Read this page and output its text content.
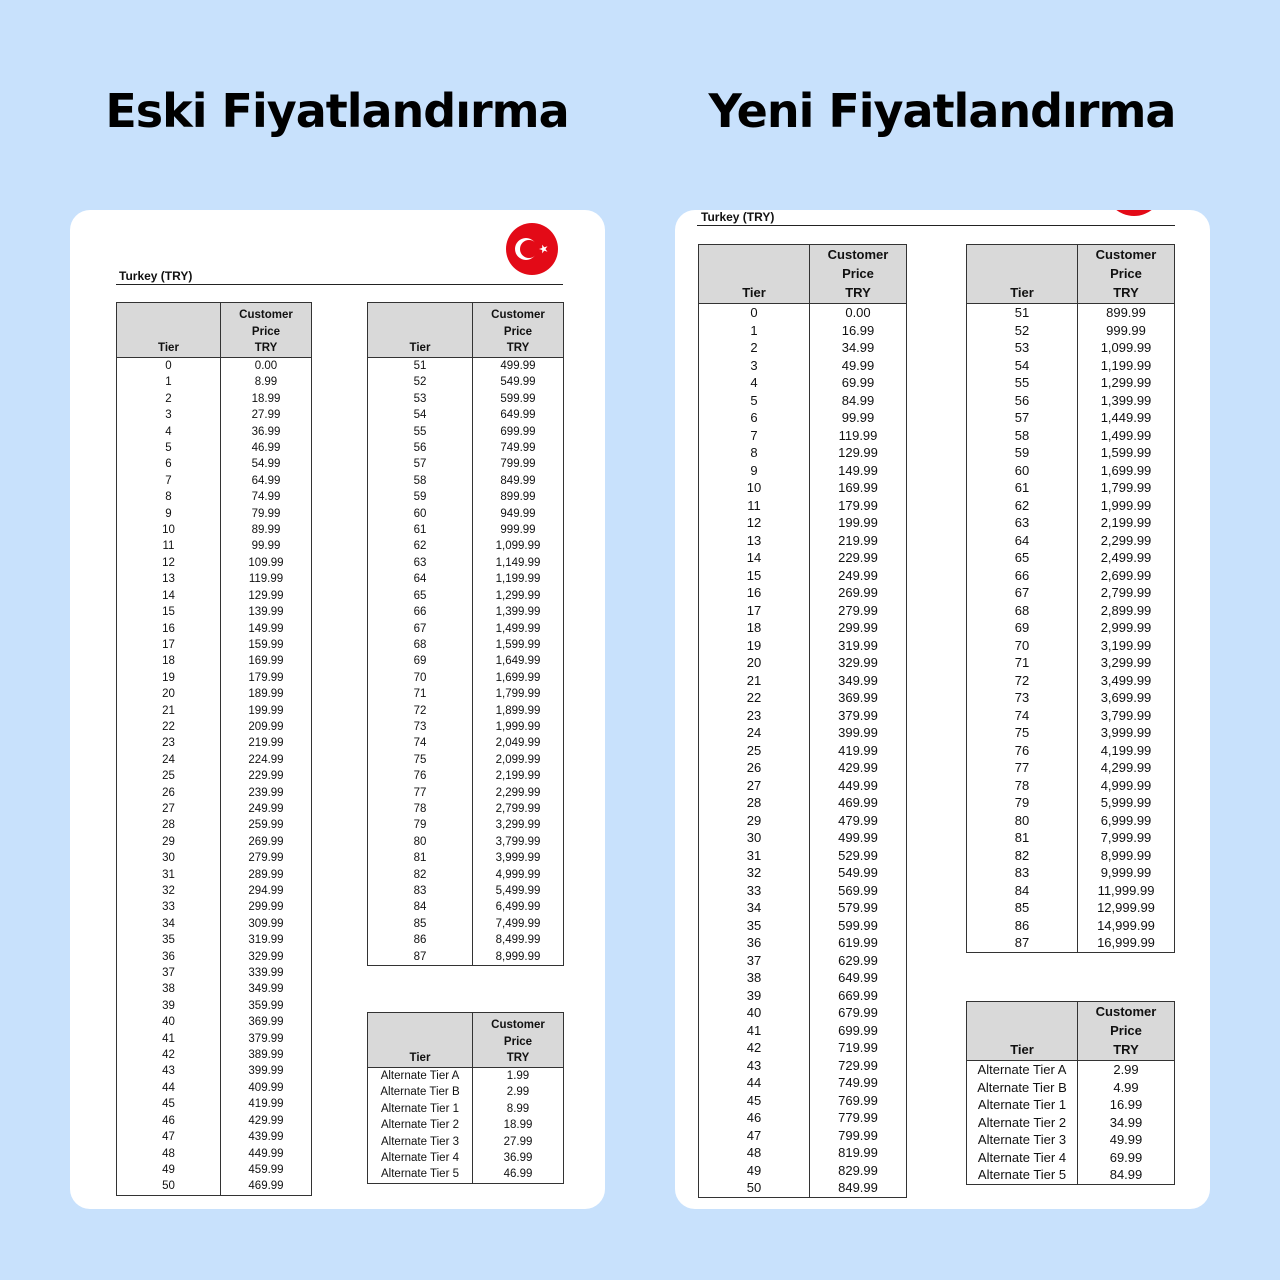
Eski Fiyatlandırma	Yeni Fiyatlandırma
Turkey (TRY)
Tier	Customer
Price
TRY
0	0.00
1	8.99
2	18.99
3	27.99
4	36.99
5	46.99
6	54.99
7	64.99
8	74.99
9	79.99
10	89.99
11	99.99
12	109.99
13	119.99
14	129.99
15	139.99
16	149.99
17	159.99
18	169.99
19	179.99
20	189.99
21	199.99
22	209.99
23	219.99
24	224.99
25	229.99
26	239.99
27	249.99
28	259.99
29	269.99
30	279.99
31	289.99
32	294.99
33	299.99
34	309.99
35	319.99
36	329.99
37	339.99
38	349.99
39	359.99
40	369.99
41	379.99
42	389.99
43	399.99
44	409.99
45	419.99
46	429.99
47	439.99
48	449.99
49	459.99
50	469.99
Tier	Customer
Price
TRY
51	499.99
52	549.99
53	599.99
54	649.99
55	699.99
56	749.99
57	799.99
58	849.99
59	899.99
60	949.99
61	999.99
62	1,099.99
63	1,149.99
64	1,199.99
65	1,299.99
66	1,399.99
67	1,499.99
68	1,599.99
69	1,649.99
70	1,699.99
71	1,799.99
72	1,899.99
73	1,999.99
74	2,049.99
75	2,099.99
76	2,199.99
77	2,299.99
78	2,799.99
79	3,299.99
80	3,799.99
81	3,999.99
82	4,999.99
83	5,499.99
84	6,499.99
85	7,499.99
86	8,499.99
87	8,999.99
Tier	Customer
Price
TRY
Alternate Tier A	1.99
Alternate Tier B	2.99
Alternate Tier 1	8.99
Alternate Tier 2	18.99
Alternate Tier 3	27.99
Alternate Tier 4	36.99
Alternate Tier 5	46.99
Turkey (TRY)
Tier	Customer
Price
TRY
0	0.00
1	16.99
2	34.99
3	49.99
4	69.99
5	84.99
6	99.99
7	119.99
8	129.99
9	149.99
10	169.99
11	179.99
12	199.99
13	219.99
14	229.99
15	249.99
16	269.99
17	279.99
18	299.99
19	319.99
20	329.99
21	349.99
22	369.99
23	379.99
24	399.99
25	419.99
26	429.99
27	449.99
28	469.99
29	479.99
30	499.99
31	529.99
32	549.99
33	569.99
34	579.99
35	599.99
36	619.99
37	629.99
38	649.99
39	669.99
40	679.99
41	699.99
42	719.99
43	729.99
44	749.99
45	769.99
46	779.99
47	799.99
48	819.99
49	829.99
50	849.99
Tier	Customer
Price
TRY
51	899.99
52	999.99
53	1,099.99
54	1,199.99
55	1,299.99
56	1,399.99
57	1,449.99
58	1,499.99
59	1,599.99
60	1,699.99
61	1,799.99
62	1,999.99
63	2,199.99
64	2,299.99
65	2,499.99
66	2,699.99
67	2,799.99
68	2,899.99
69	2,999.99
70	3,199.99
71	3,299.99
72	3,499.99
73	3,699.99
74	3,799.99
75	3,999.99
76	4,199.99
77	4,299.99
78	4,999.99
79	5,999.99
80	6,999.99
81	7,999.99
82	8,999.99
83	9,999.99
84	11,999.99
85	12,999.99
86	14,999.99
87	16,999.99
Tier	Customer
Price
TRY
Alternate Tier A	2.99
Alternate Tier B	4.99
Alternate Tier 1	16.99
Alternate Tier 2	34.99
Alternate Tier 3	49.99
Alternate Tier 4	69.99
Alternate Tier 5	84.99
